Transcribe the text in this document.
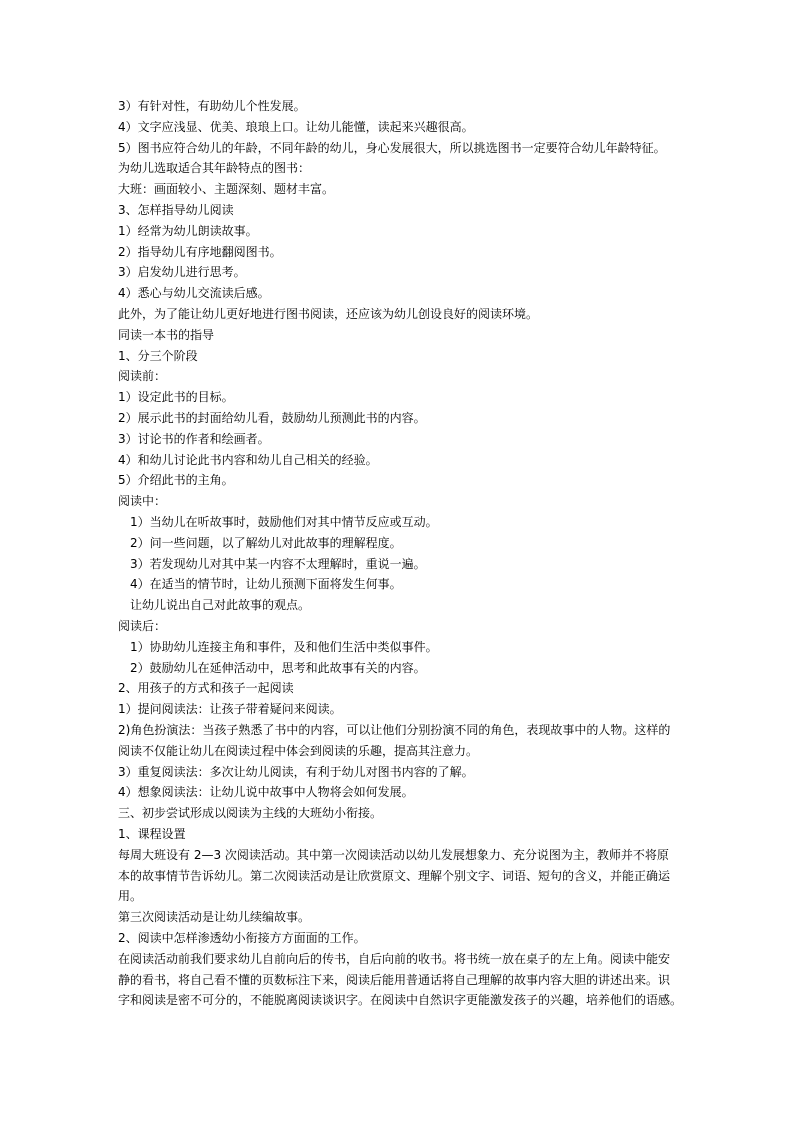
3）有针对性，有助幼儿个性发展。
4）文字应浅显、优美、琅琅上口。让幼儿能懂，读起来兴趣很高。
5）图书应符合幼儿的年龄，不同年龄的幼儿，身心发展很大，所以挑选图书一定要符合幼儿年龄特征。
为幼儿选取适合其年龄特点的图书：
大班：画面较小、主题深刻、题材丰富。
3、怎样指导幼儿阅读
1）经常为幼儿朗读故事。
2）指导幼儿有序地翻阅图书。
3）启发幼儿进行思考。
4）悉心与幼儿交流读后感。
此外，为了能让幼儿更好地进行图书阅读，还应该为幼儿创设良好的阅读环境。
同读一本书的指导
1、分三个阶段
阅读前：
1）设定此书的目标。
2）展示此书的封面给幼儿看，鼓励幼儿预测此书的内容。
3）讨论书的作者和绘画者。
4）和幼儿讨论此书内容和幼儿自己相关的经验。
5）介绍此书的主角。
阅读中：
1）当幼儿在听故事时，鼓励他们对其中情节反应或互动。
2）问一些问题，以了解幼儿对此故事的理解程度。
3）若发现幼儿对其中某一内容不太理解时，重说一遍。
4）在适当的情节时，让幼儿预测下面将发生何事。
让幼儿说出自己对此故事的观点。
阅读后：
1）协助幼儿连接主角和事件，及和他们生活中类似事件。
2）鼓励幼儿在延伸活动中，思考和此故事有关的内容。
2、用孩子的方式和孩子一起阅读
1）提问阅读法：让孩子带着疑问来阅读。
2)角色扮演法：当孩子熟悉了书中的内容，可以让他们分别扮演不同的角色，表现故事中的人物。这样的
阅读不仅能让幼儿在阅读过程中体会到阅读的乐趣，提高其注意力。
3）重复阅读法：多次让幼儿阅读，有利于幼儿对图书内容的了解。
4）想象阅读法：让幼儿说中故事中人物将会如何发展。
三、初步尝试形成以阅读为主线的大班幼小衔接。
1、课程设置
每周大班设有 2—3 次阅读活动。其中第一次阅读活动以幼儿发展想象力、充分说图为主，教师并不将原
本的故事情节告诉幼儿。第二次阅读活动是让欣赏原文、理解个别文字、词语、短句的含义，并能正确运
用。
第三次阅读活动是让幼儿续编故事。
2、阅读中怎样渗透幼小衔接方方面面的工作。
在阅读活动前我们要求幼儿自前向后的传书，自后向前的收书。将书统一放在桌子的左上角。阅读中能安
静的看书，将自己看不懂的页数标注下来，阅读后能用普通话将自己理解的故事内容大胆的讲述出来。识
字和阅读是密不可分的，不能脱离阅读谈识字。在阅读中自然识字更能激发孩子的兴趣，培养他们的语感。
